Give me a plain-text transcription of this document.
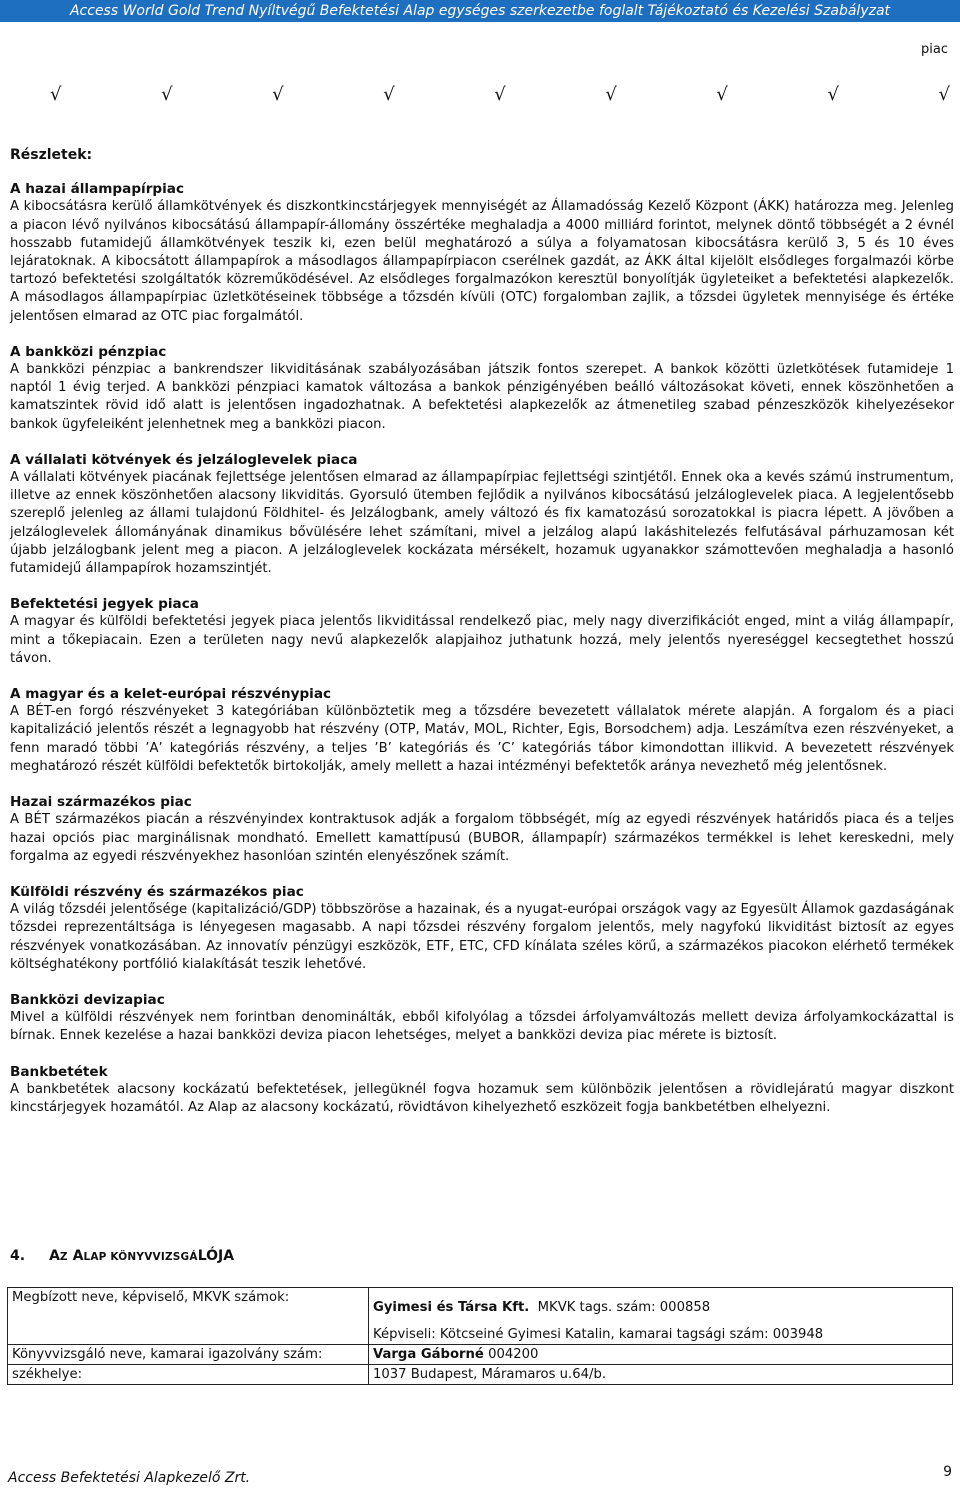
Access World Gold Trend Nyíltvégű Befektetési Alap egységes szerkezetbe foglalt Tájékoztató és Kezelési Szabályzat
piac
√	√	√	√	√	√	√	√	√
Részletek:

A hazai állampapírpiac

A kibocsátásra kerülő államkötvények és diszkontkincstárjegyek mennyiségét az Államadósság Kezelő Központ (ÁKK) határozza meg. Jelenleg a piacon lévő nyilvános kibocsátású állampapír-állomány összértéke meghaladja a 4000 milliárd forintot, melynek döntő többségét a 2 évnél hosszabb futamidejű államkötvények teszik ki, ezen belül meghatározó a súlya a folyamatosan kibocsátásra kerülő 3, 5 és 10 éves lejáratoknak. A kibocsátott állampapírok a másodlagos állampapírpiacon cserélnek gazdát, az ÁKK által kijelölt elsődleges forgalmazói körbe tartozó befektetési szolgáltatók közreműködésével. Az elsődleges forgalmazókon keresztül bonyolítják ügyleteiket a befektetési alapkezelők. A másodlagos állampapírpiac üzletkötéseinek többsége a tőzsdén kívüli (OTC) forgalomban zajlik, a tőzsdei ügyletek mennyisége és értéke jelentősen elmarad az OTC piac forgalmától.

A bankközi pénzpiac

A bankközi pénzpiac a bankrendszer likviditásának szabályozásában játszik fontos szerepet. A bankok közötti üzletkötések futamideje 1 naptól 1 évig terjed. A bankközi pénzpiaci kamatok változása a bankok pénzigényében beálló változásokat követi, ennek köszönhetően a kamatszintek rövid idő alatt is jelentősen ingadozhatnak. A befektetési alapkezelők az átmenetileg szabad pénzeszközök kihelyezésekor bankok ügyfeleiként jelenhetnek meg a bankközi piacon.

A vállalati kötvények és jelzáloglevelek piaca

A vállalati kötvények piacának fejlettsége jelentősen elmarad az állampapírpiac fejlettségi szintjétől. Ennek oka a kevés számú instrumentum, illetve az ennek köszönhetően alacsony likviditás. Gyorsuló ütemben fejlődik a nyilvános kibocsátású jelzáloglevelek piaca. A legjelentősebb szereplő jelenleg az állami tulajdonú Földhitel- és Jelzálogbank, amely változó és fix kamatozású sorozatokkal is piacra lépett. A jövőben a jelzáloglevelek állományának dinamikus bővülésére lehet számítani, mivel a jelzálog alapú lakáshitelezés felfutásával párhuzamosan két újabb jelzálogbank jelent meg a piacon. A jelzáloglevelek kockázata mérsékelt, hozamuk ugyanakkor számottevően meghaladja a hasonló futamidejű állampapírok hozamszintjét.

Befektetési jegyek piaca

A magyar és külföldi befektetési jegyek piaca jelentős likviditással rendelkező piac, mely nagy diverzifikációt enged, mint a világ állampapír, mint a tőkepiacain. Ezen a területen nagy nevű alapkezelők alapjaihoz juthatunk hozzá, mely jelentős nyereséggel kecsegtethet hosszú távon.

A magyar és a kelet-európai részvénypiac

A BÉT-en forgó részvényeket 3 kategóriában különböztetik meg a tőzsdére bevezetett vállalatok mérete alapján. A forgalom és a piaci kapitalizáció jelentős részét a legnagyobb hat részvény (OTP, Matáv, MOL, Richter, Egis, Borsodchem) adja. Leszámítva ezen részvényeket, a fenn maradó többi ’A’ kategóriás részvény, a teljes ’B’ kategóriás és ’C’ kategóriás tábor kimondottan illikvid. A bevezetett részvények meghatározó részét külföldi befektetők birtokolják, amely mellett a hazai intézményi befektetők aránya nevezhető még jelentősnek.

Hazai származékos piac

A BÉT származékos piacán a részvényindex kontraktusok adják a forgalom többségét, míg az egyedi részvények határidős piaca és a teljes hazai opciós piac marginálisnak mondható. Emellett kamattípusú (BUBOR, állampapír) származékos termékkel is lehet kereskedni, mely forgalma az egyedi részvényekhez hasonlóan szintén elenyészőnek számít.

Külföldi részvény és származékos piac

A világ tőzsdéi jelentősége (kapitalizáció/GDP) többszöröse a hazainak, és a nyugat-európai országok vagy az Egyesült Államok gazdaságának tőzsdei reprezentáltsága is lényegesen magasabb. A napi tőzsdei részvény forgalom jelentős, mely nagyfokú likviditást biztosít az egyes részvények vonatkozásában. Az innovatív pénzügyi eszközök, ETF, ETC, CFD kínálata széles körű, a származékos piacokon elérhető termékek költséghatékony portfólió kialakítását teszik lehetővé.

Bankközi devizapiac

Mivel a külföldi részvények nem forintban denominálták, ebből kifolyólag a tőzsdei árfolyamváltozás mellett deviza árfolyamkockázattal is bírnak. Ennek kezelése a hazai bankközi deviza piacon lehetséges, melyet a bankközi deviza piac mérete is biztosít.

Bankbetétek

A bankbetétek alacsony kockázatú befektetések, jellegüknél fogva hozamuk sem különbözik jelentősen a rövidlejáratú magyar diszkont kincstárjegyek hozamától. Az Alap az alacsony kockázatú, rövidtávon kihelyezhető eszközeit fogja bankbetétben elhelyezni.

4. AZ ALAP KÖNYVVIZSGÁLÓJA
Megbízott neve, képviselő, MKVK számok:	Gyimesi és Társa Kft. MKVK tags. szám: 000858
Képviseli: Kötcseiné Gyimesi Katalin, kamarai tagsági szám: 003948

Könyvvizsgáló neve, kamarai igazolvány szám:	Varga Gáborné 004200
székhelye:	1037 Budapest, Máramaros u.64/b.
Access Befektetési Alapkezelő Zrt.	9
